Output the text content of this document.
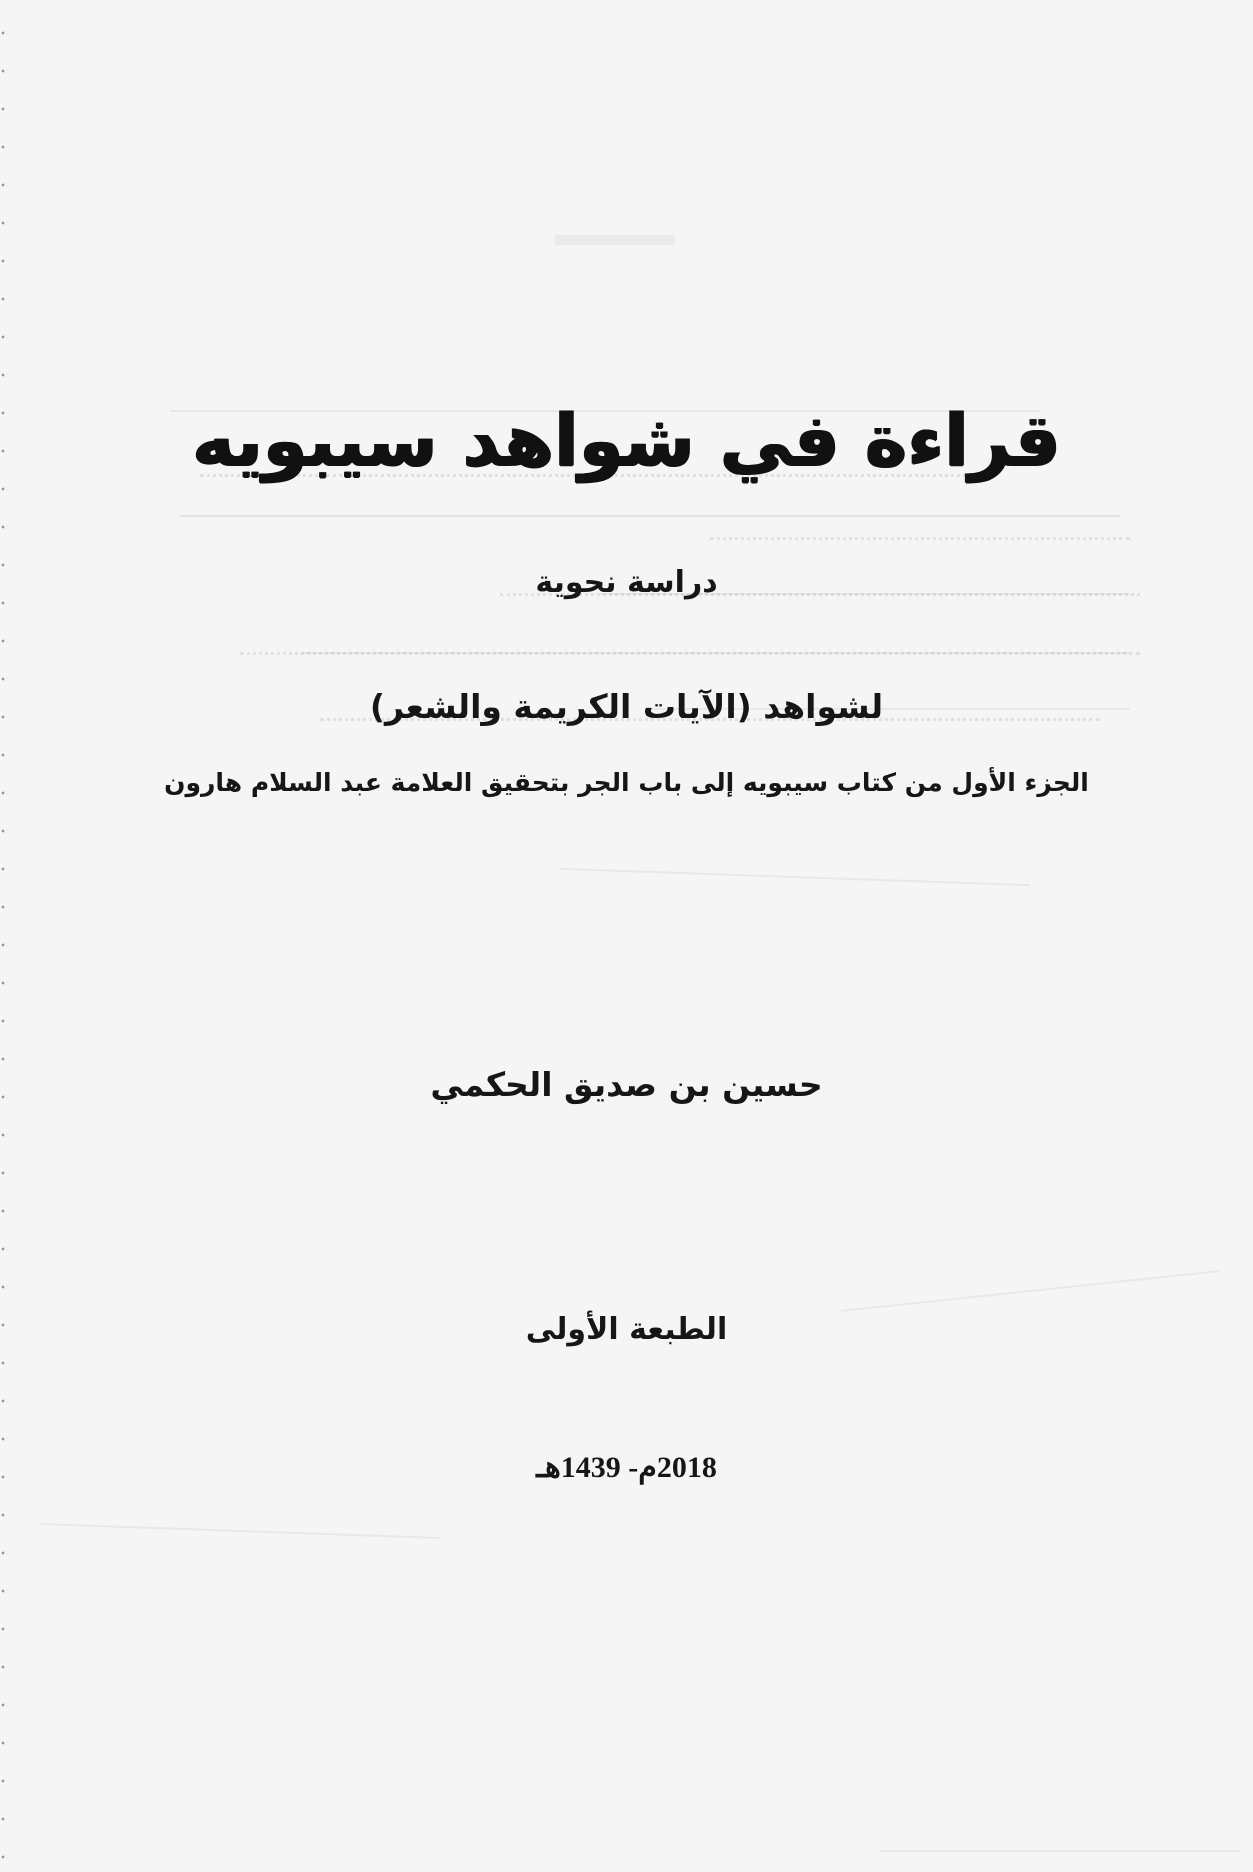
قراءة في شواهد سيبويه

دراسة نحوية

لشواهد (الآيات الكريمة والشعر)

الجزء الأول من كتاب سيبويه إلى باب الجر بتحقيق العلامة عبد السلام هارون

حسين بن صديق الحكمي

الطبعة الأولى

2018م- 1439هـ
